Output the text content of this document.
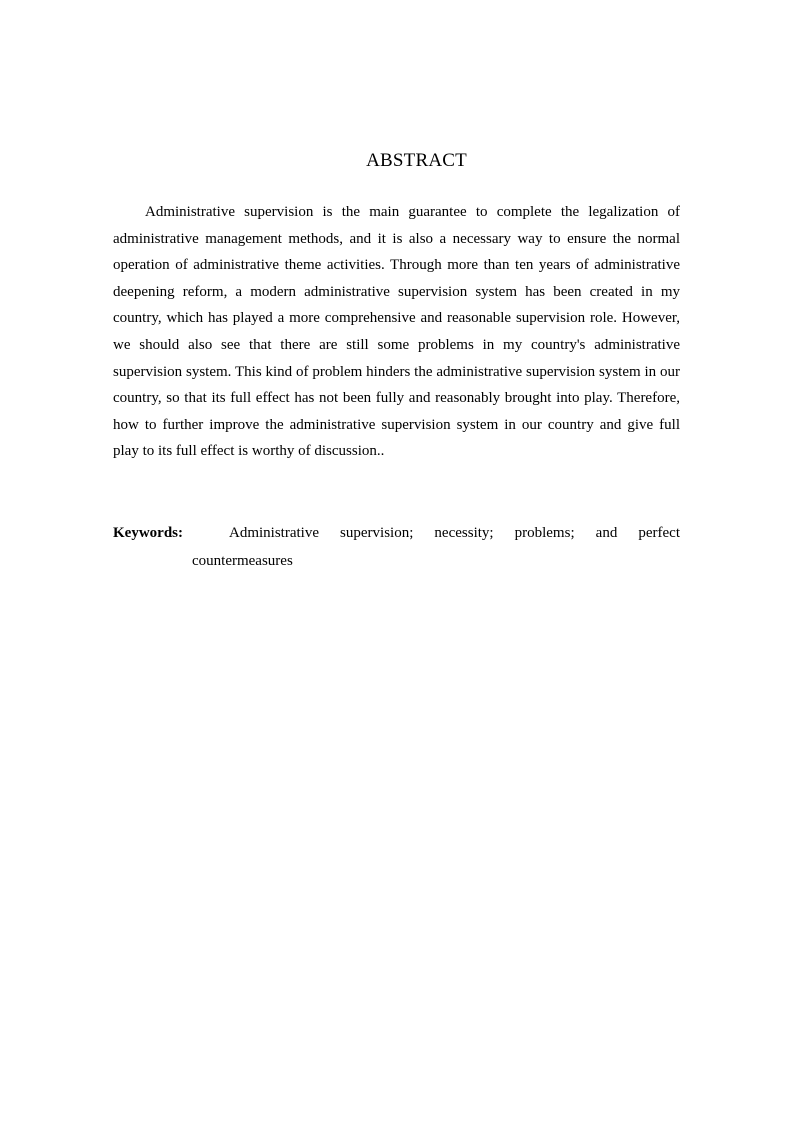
ABSTRACT

Administrative supervision is the main guarantee to complete the legalization of administrative management methods, and it is also a necessary way to ensure the normal operation of administrative theme activities. Through more than ten years of administrative deepening reform, a modern administrative supervision system has been created in my country, which has played a more comprehensive and reasonable supervision role. However, we should also see that there are still some problems in my country's administrative supervision system. This kind of problem hinders the administrative supervision system in our country, so that its full effect has not been fully and reasonably brought into play. Therefore, how to further improve the administrative supervision system in our country and give full play to its full effect is worthy of discussion..

Keywords:	Administrative supervision; necessity; problems; and perfect
countermeasures
